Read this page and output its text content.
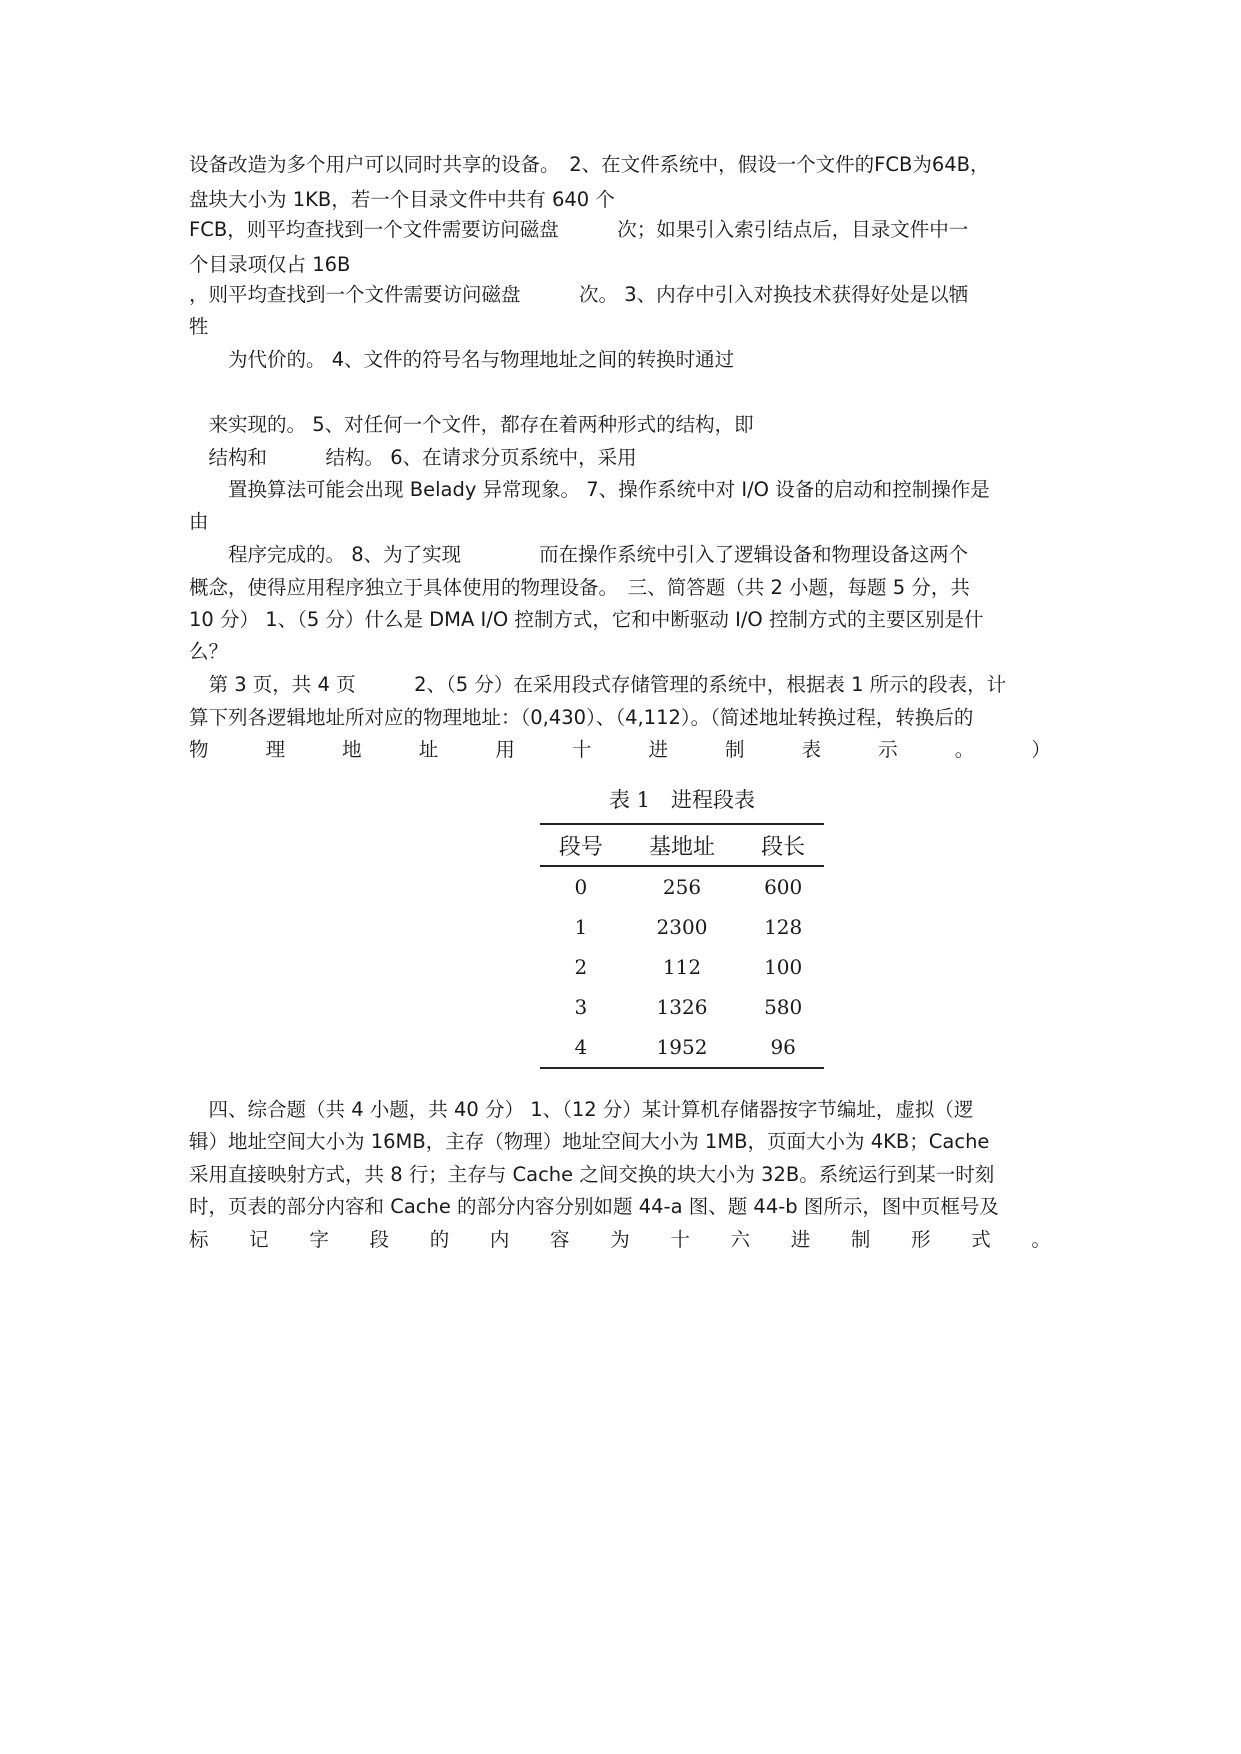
设备改造为多个用户可以同时共享的设备。　2、在文件系统中，假设一个文件的FCB为64B，
盘块大小为 1KB，若一个目录文件中共有 640 个
FCB，则平均查找到一个文件需要访问磁盘　　　次；如果引入索引结点后，目录文件中一
个目录项仅占 16B
，则平均查找到一个文件需要访问磁盘　　　次。 3、内存中引入对换技术获得好处是以牺
牲
　　为代价的。 4、文件的符号名与物理地址之间的转换时通过
　来实现的。 5、对任何一个文件，都存在着两种形式的结构，即
　结构和　　　结构。 6、在请求分页系统中，采用
　　置换算法可能会出现 Belady 异常现象。 7、操作系统中对 I/O 设备的启动和控制操作是
由
　　程序完成的。 8、为了实现　　　　而在操作系统中引入了逻辑设备和物理设备这两个
概念，使得应用程序独立于具体使用的物理设备。　三、简答题（共 2 小题，每题 5 分，共
10 分） 1、（5 分）什么是 DMA I/O 控制方式，它和中断驱动 I/O 控制方式的主要区别是什
么？
　第 3 页，共 4 页　　　2、（5 分）在采用段式存储管理的系统中，根据表 1 所示的段表，计
算下列各逻辑地址所对应的物理地址：（0,430）、（4,112）。（简述地址转换过程，转换后的
物	理	地	址	用	十	进	制	表	示	。	）
表 1　进程段表
段号	基地址	段长
0	256	600
1	2300	128
2	112	100
3	1326	580
4	1952	96
　四、综合题（共 4 小题，共 40 分） 1、（12 分）某计算机存储器按字节编址，虚拟（逻
辑）地址空间大小为 16MB，主存（物理）地址空间大小为 1MB，页面大小为 4KB；Cache
采用直接映射方式，共 8 行；主存与 Cache 之间交换的块大小为 32B。系统运行到某一时刻
时，页表的部分内容和 Cache 的部分内容分别如题 44-a 图、题 44-b 图所示，图中页框号及
标 记 字 段 的 内 容 为 十 六 进 制 形 式 。
